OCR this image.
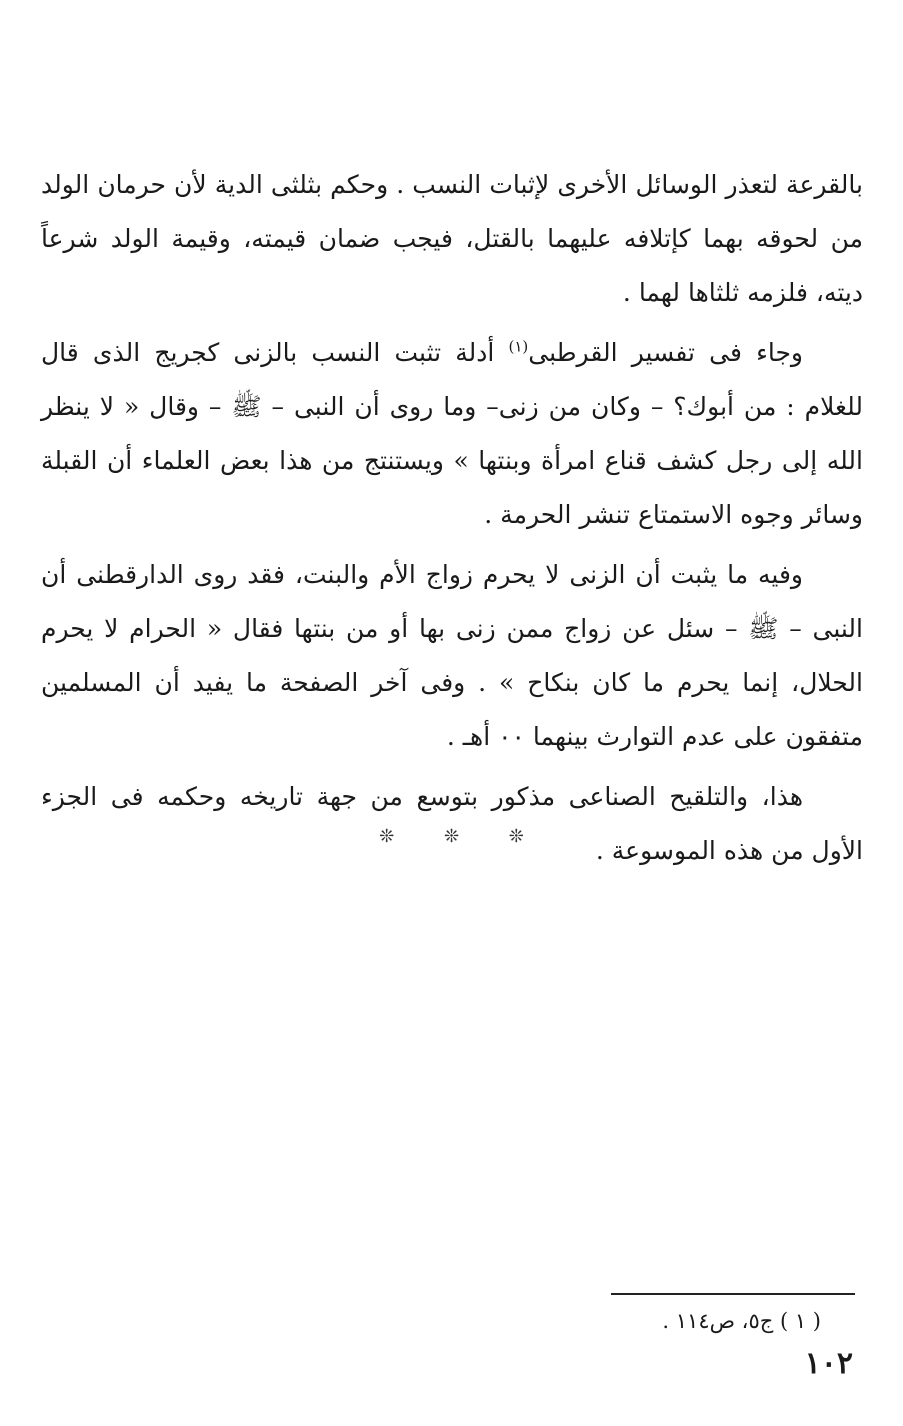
بالقرعة لتعذر الوسائل الأخرى لإثبات النسب . وحكم بثلثى الدية لأن حرمان الولد من لحوقه بهما كإتلافه عليهما بالقتل، فيجب ضمان قيمته، وقيمة الولد شرعاً ديته، فلزمه ثلثاها لهما .

وجاء فى تفسير القرطبى$^{(١)}$ أدلة تثبت النسب بالزنى كجريج الذى قال للغلام : من أبوك؟ – وكان من زنى– وما روى أن النبى – ﷺ – وقال « لا ينظر الله إلى رجل كشف قناع امرأة وبنتها » ويستنتج من هذا بعض العلماء أن القبلة وسائر وجوه الاستمتاع تنشر الحرمة .

وفيه ما يثبت أن الزنى لا يحرم زواج الأم والبنت، فقد روى الدارقطنى أن النبى – ﷺ – سئل عن زواج ممن زنى بها أو من بنتها فقال « الحرام لا يحرم الحلال، إنما يحرم ما كان بنكاح » . وفى آخر الصفحة ما يفيد أن المسلمين متفقون على عدم التوارث بينهما ٠٠ أهـ .

هذا، والتلقيح الصناعى مذكور بتوسع من جهة تاريخه وحكمه فى الجزء الأول من هذه الموسوعة .

❊	❊	❊
( ١ ) ج٥، ص١١٤ .
١٠٢
